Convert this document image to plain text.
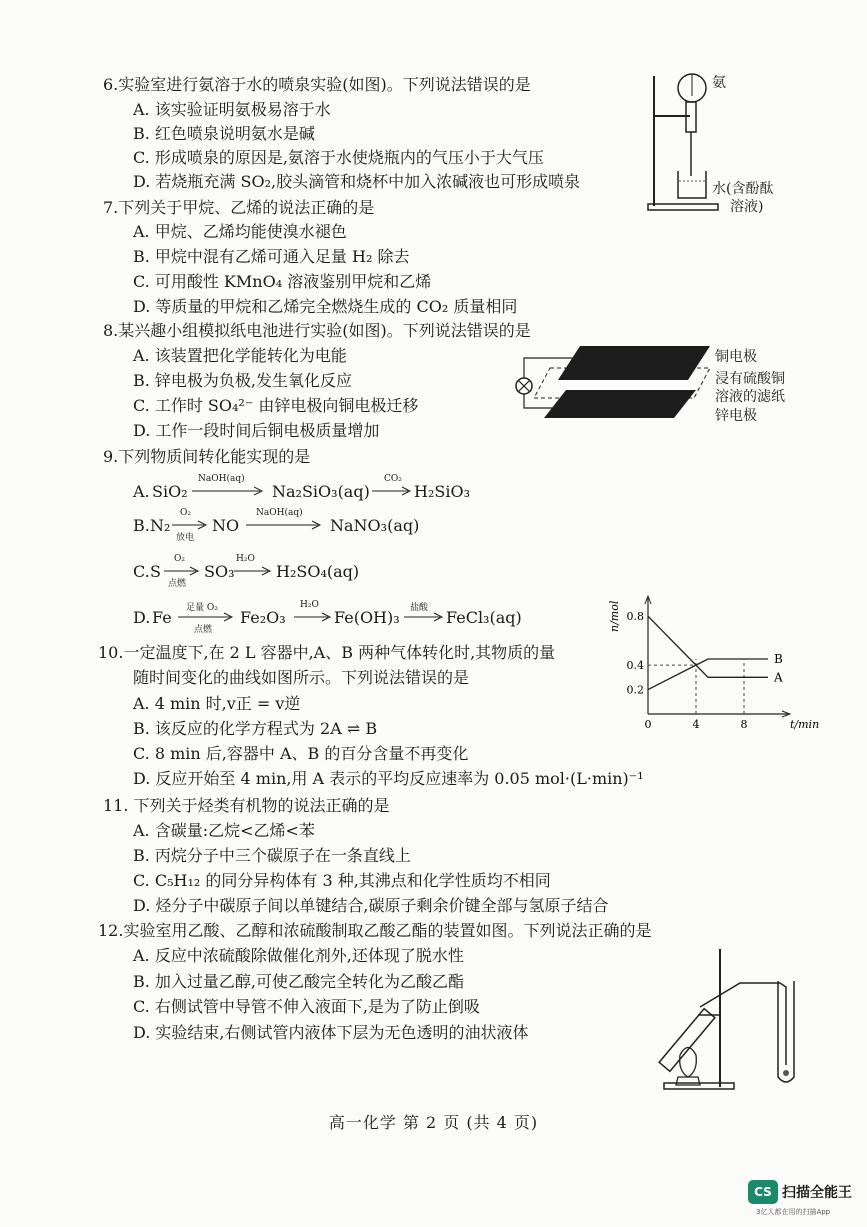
6.实验室进行氨溶于水的喷泉实验(如图)。下列说法错误的是
A. 该实验证明氨极易溶于水
B. 红色喷泉说明氨水是碱
C. 形成喷泉的原因是,氨溶于水使烧瓶内的气压小于大气压
D. 若烧瓶充满 SO₂,胶头滴管和烧杯中加入浓碱液也可形成喷泉
氨
水(含酚酞
溶液)
7.下列关于甲烷、乙烯的说法正确的是
A. 甲烷、乙烯均能使溴水褪色
B. 甲烷中混有乙烯可通入足量 H₂ 除去
C. 可用酸性 KMnO₄ 溶液鉴别甲烷和乙烯
D. 等质量的甲烷和乙烯完全燃烧生成的 CO₂ 质量相同
8.某兴趣小组模拟纸电池进行实验(如图)。下列说法错误的是
A. 该装置把化学能转化为电能
B. 锌电极为负极,发生氧化反应
C. 工作时 SO₄²⁻ 由锌电极向铜电极迁移
D. 工作一段时间后铜电极质量增加
铜电极
浸有硫酸铜
溶液的滤纸
锌电极
9.下列物质间转化能实现的是
A. SiO₂
NaOH(aq)
Na₂SiO₃(aq)
CO₂
H₂SiO₃
B. N₂
O₂
放电
NO
NaOH(aq)
NaNO₃(aq)
C. S
O₂
点燃
SO₃
H₂O
H₂SO₄(aq)
D. Fe 足量 O₂
点燃
Fe₂O₃
H₂O
Fe(OH)₃ 盐酸 FeCl₃(aq)
10.一定温度下,在 2 L 容器中,A、B 两种气体转化时,其物质的量
随时间变化的曲线如图所示。下列说法错误的是
A. 4 min 时,v正 = v逆
B. 该反应的化学方程式为 2A ⇌ B
C. 8 min 后,容器中 A、B 的百分含量不再变化
D. 反应开始至 4 min,用 A 表示的平均反应速率为 0.05 mol·(L·min)⁻¹
0	4	8
0.2
0.4
0.8
t/min
n/mol
A
B
11. 下列关于烃类有机物的说法正确的是
A. 含碳量:乙烷<乙烯<苯
B. 丙烷分子中三个碳原子在一条直线上
C. C₅H₁₂ 的同分异构体有 3 种,其沸点和化学性质均不相同
D. 烃分子中碳原子间以单键结合,碳原子剩余价键全部与氢原子结合
12.实验室用乙酸、乙醇和浓硫酸制取乙酸乙酯的装置如图。下列说法正确的是
A. 反应中浓硫酸除做催化剂外,还体现了脱水性
B. 加入过量乙醇,可使乙酸完全转化为乙酸乙酯
C. 右侧试管中导管不伸入液面下,是为了防止倒吸
D. 实验结束,右侧试管内液体下层为无色透明的油状液体
高一化学 第 2 页 (共 4 页)
CS 扫描全能王
3亿人都在用的扫描App
